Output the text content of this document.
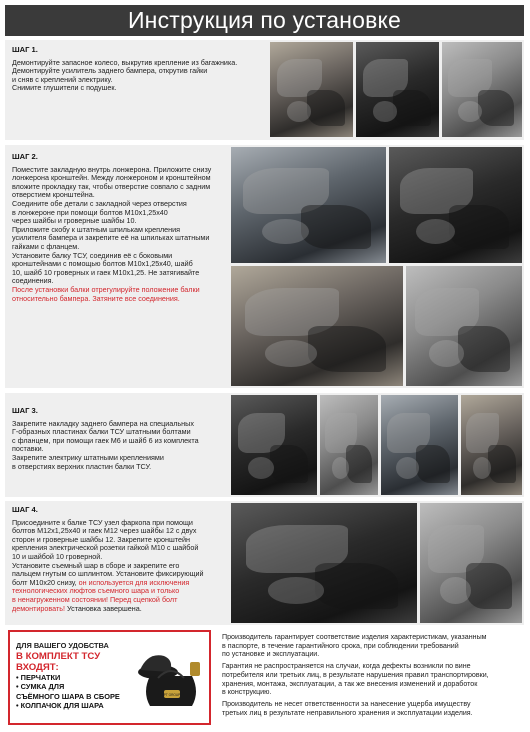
Инструкция по установке
ШАГ 1.
Демонтируйте запасное колесо, выкрутив крепление из багажника.
Демонтируйте усилитель заднего бампера, открутив гайки
и сняв с креплений электрику.
Снимите глушители с подушек.
ШАГ 2.
Поместите закладную внутрь лонжерона. Приложите снизу
лонжерона кронштейн. Между лонжероном и кронштейном
вложите прокладку так, чтобы отверстие совпало с задним
отверстием кронштейна.
Соедините обе детали с закладной через отверстия
в лонжероне при помощи болтов М10х1,25х40
через шайбы и гроверные шайбы 10.
Приложите скобу к штатным шпилькам крепления
усилителя бампера и закрепите её на шпильках штатными
гайками с фланцем.
Установите балку ТСУ, соединив её с боковыми
кронштейнами с помощью болтов М10х1,25х40, шайб
10, шайб 10 гроверных и гаек М10х1,25. Не затягивайте
соединения.
После установки балки отрегулируйте положение балки
относительно бампера. Затяните все соединения.
ШАГ 3.
Закрепите накладку заднего бампера на специальных
Г-образных пластинах балки ТСУ штатными болтами
с фланцем, при помощи гаек М6 и шайб 6 из комплекта
поставки.
Закрепите электрику штатными креплениями
в отверстиях верхних пластин балки ТСУ.
ШАГ 4.
Присоедините к балке ТСУ узел фаркопа при помощи
болтов М12х1,25х40 и гаек М12 через шайбы 12 с двух
сторон и гроверные шайбы 12. Закрепите кронштейн
крепления электрической розетки гайкой М10 с шайбой
10 и шайбой 10 гроверной.
Установите съемный шар в сборе и закрепите его
пальцем гнутым со шплинтом. Установите фиксирующий
болт М10х20 снизу, он используется для исключения
технологических люфтов съемного шара и только
в ненагруженном состоянии! Перед сцепкой болт
демонтировать! Установка завершена.
ДЛЯ ВАШЕГО УДОБСТВА
В КОМПЛЕКТ ТСУ
ВХОДЯТ:
• ПЕРЧАТКИ
• СУМКА ДЛЯ
СЪЁМНОГО ШАРА В СБОРЕ
• КОЛПАЧОК ДЛЯ ШАРА
PT GROUP

Производитель гарантирует соответствие изделия характеристикам, указанным
в паспорте, в течение гарантийного срока, при соблюдении требований
по установке и эксплуатации.

Гарантия не распространяется на случаи, когда дефекты возникли по вине
потребителя или третьих лиц, в результате нарушения правил транспортировки,
хранения, монтажа, эксплуатации, а так же внесения изменений и доработок
в конструкцию.

Производитель не несет ответственности за нанесение ущерба имуществу
третьих лиц в результате неправильного хранения и эксплуатации изделия.
